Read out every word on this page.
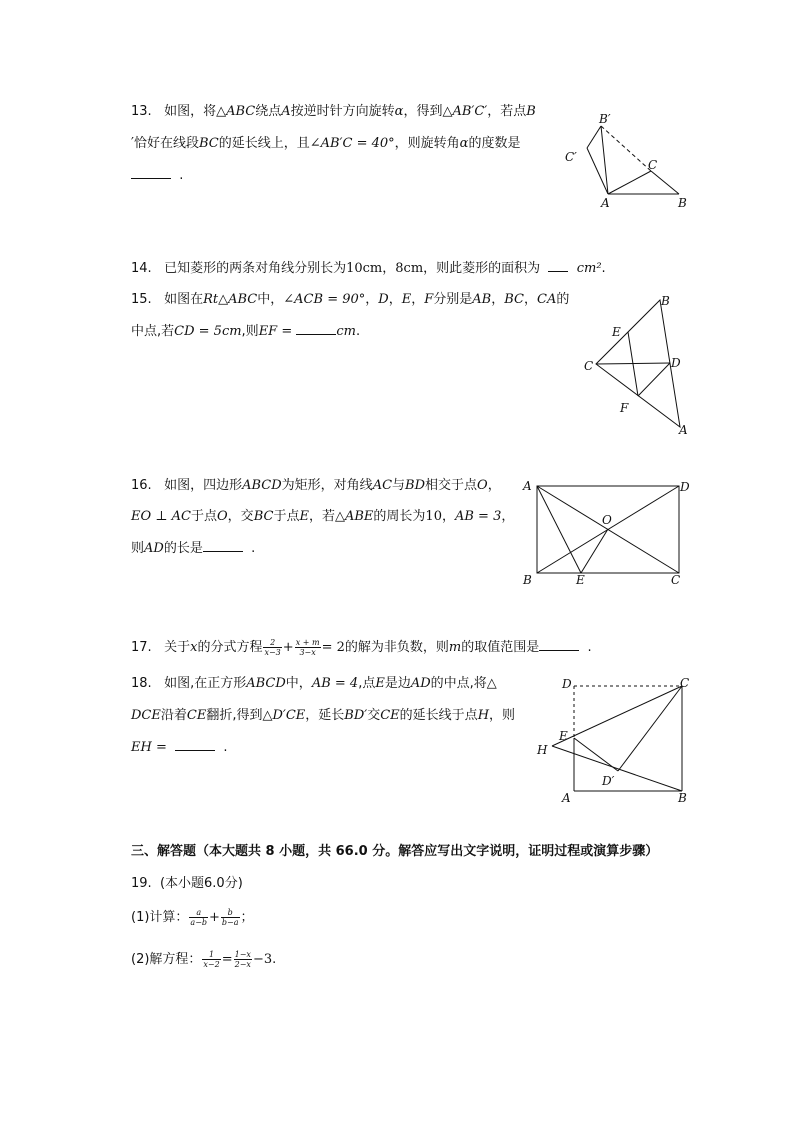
13. 如图，将△ABC绕点A按逆时针方向旋转α，得到△AB′C′，若点B
′恰好在线段BC的延长线上，且∠AB′C = 40°，则旋转角α的度数是
.
B′
C′
C
A	B
14. 已知菱形的两条对角线分别长为10cm，8cm，则此菱形的面积为	cm².
15. 如图在Rt△ABC中，∠ACB = 90°，D，E，F分别是AB，BC，CA的
中点,若CD = 5cm,则EF =	cm.
B
E
C	D
F
A
16. 如图，四边形ABCD为矩形，对角线AC与BD相交于点O，
EO ⊥ AC于点O，交BC于点E，若△ABE的周长为10，AB = 3，
则AD的长是	.
A	D
O
B	E	C
17. 关于x的分式方程 $\frac{2}{x-3} + \frac{x + m}{3-x} = 2$的解为非负数，则m的取值范围是	.
18. 如图,在正方形ABCD中，AB = 4,点E是边AD的中点,将△
DCE沿着CE翻折,得到△D′CE，延长BD′交CE的延长线于点H，则
EH =	.
D	C
E
H
D′
A	B
三、解答题（本大题共 8 小题，共 66.0 分。解答应写出文字说明，证明过程或演算步骤）
19. (本小题6.0分)
(1)计算： $\frac{a}{a-b} + \frac{b}{b-a}$ ；
(2)解方程： $\frac{1}{x-2} = \frac{1-x}{2-x} -3$.
